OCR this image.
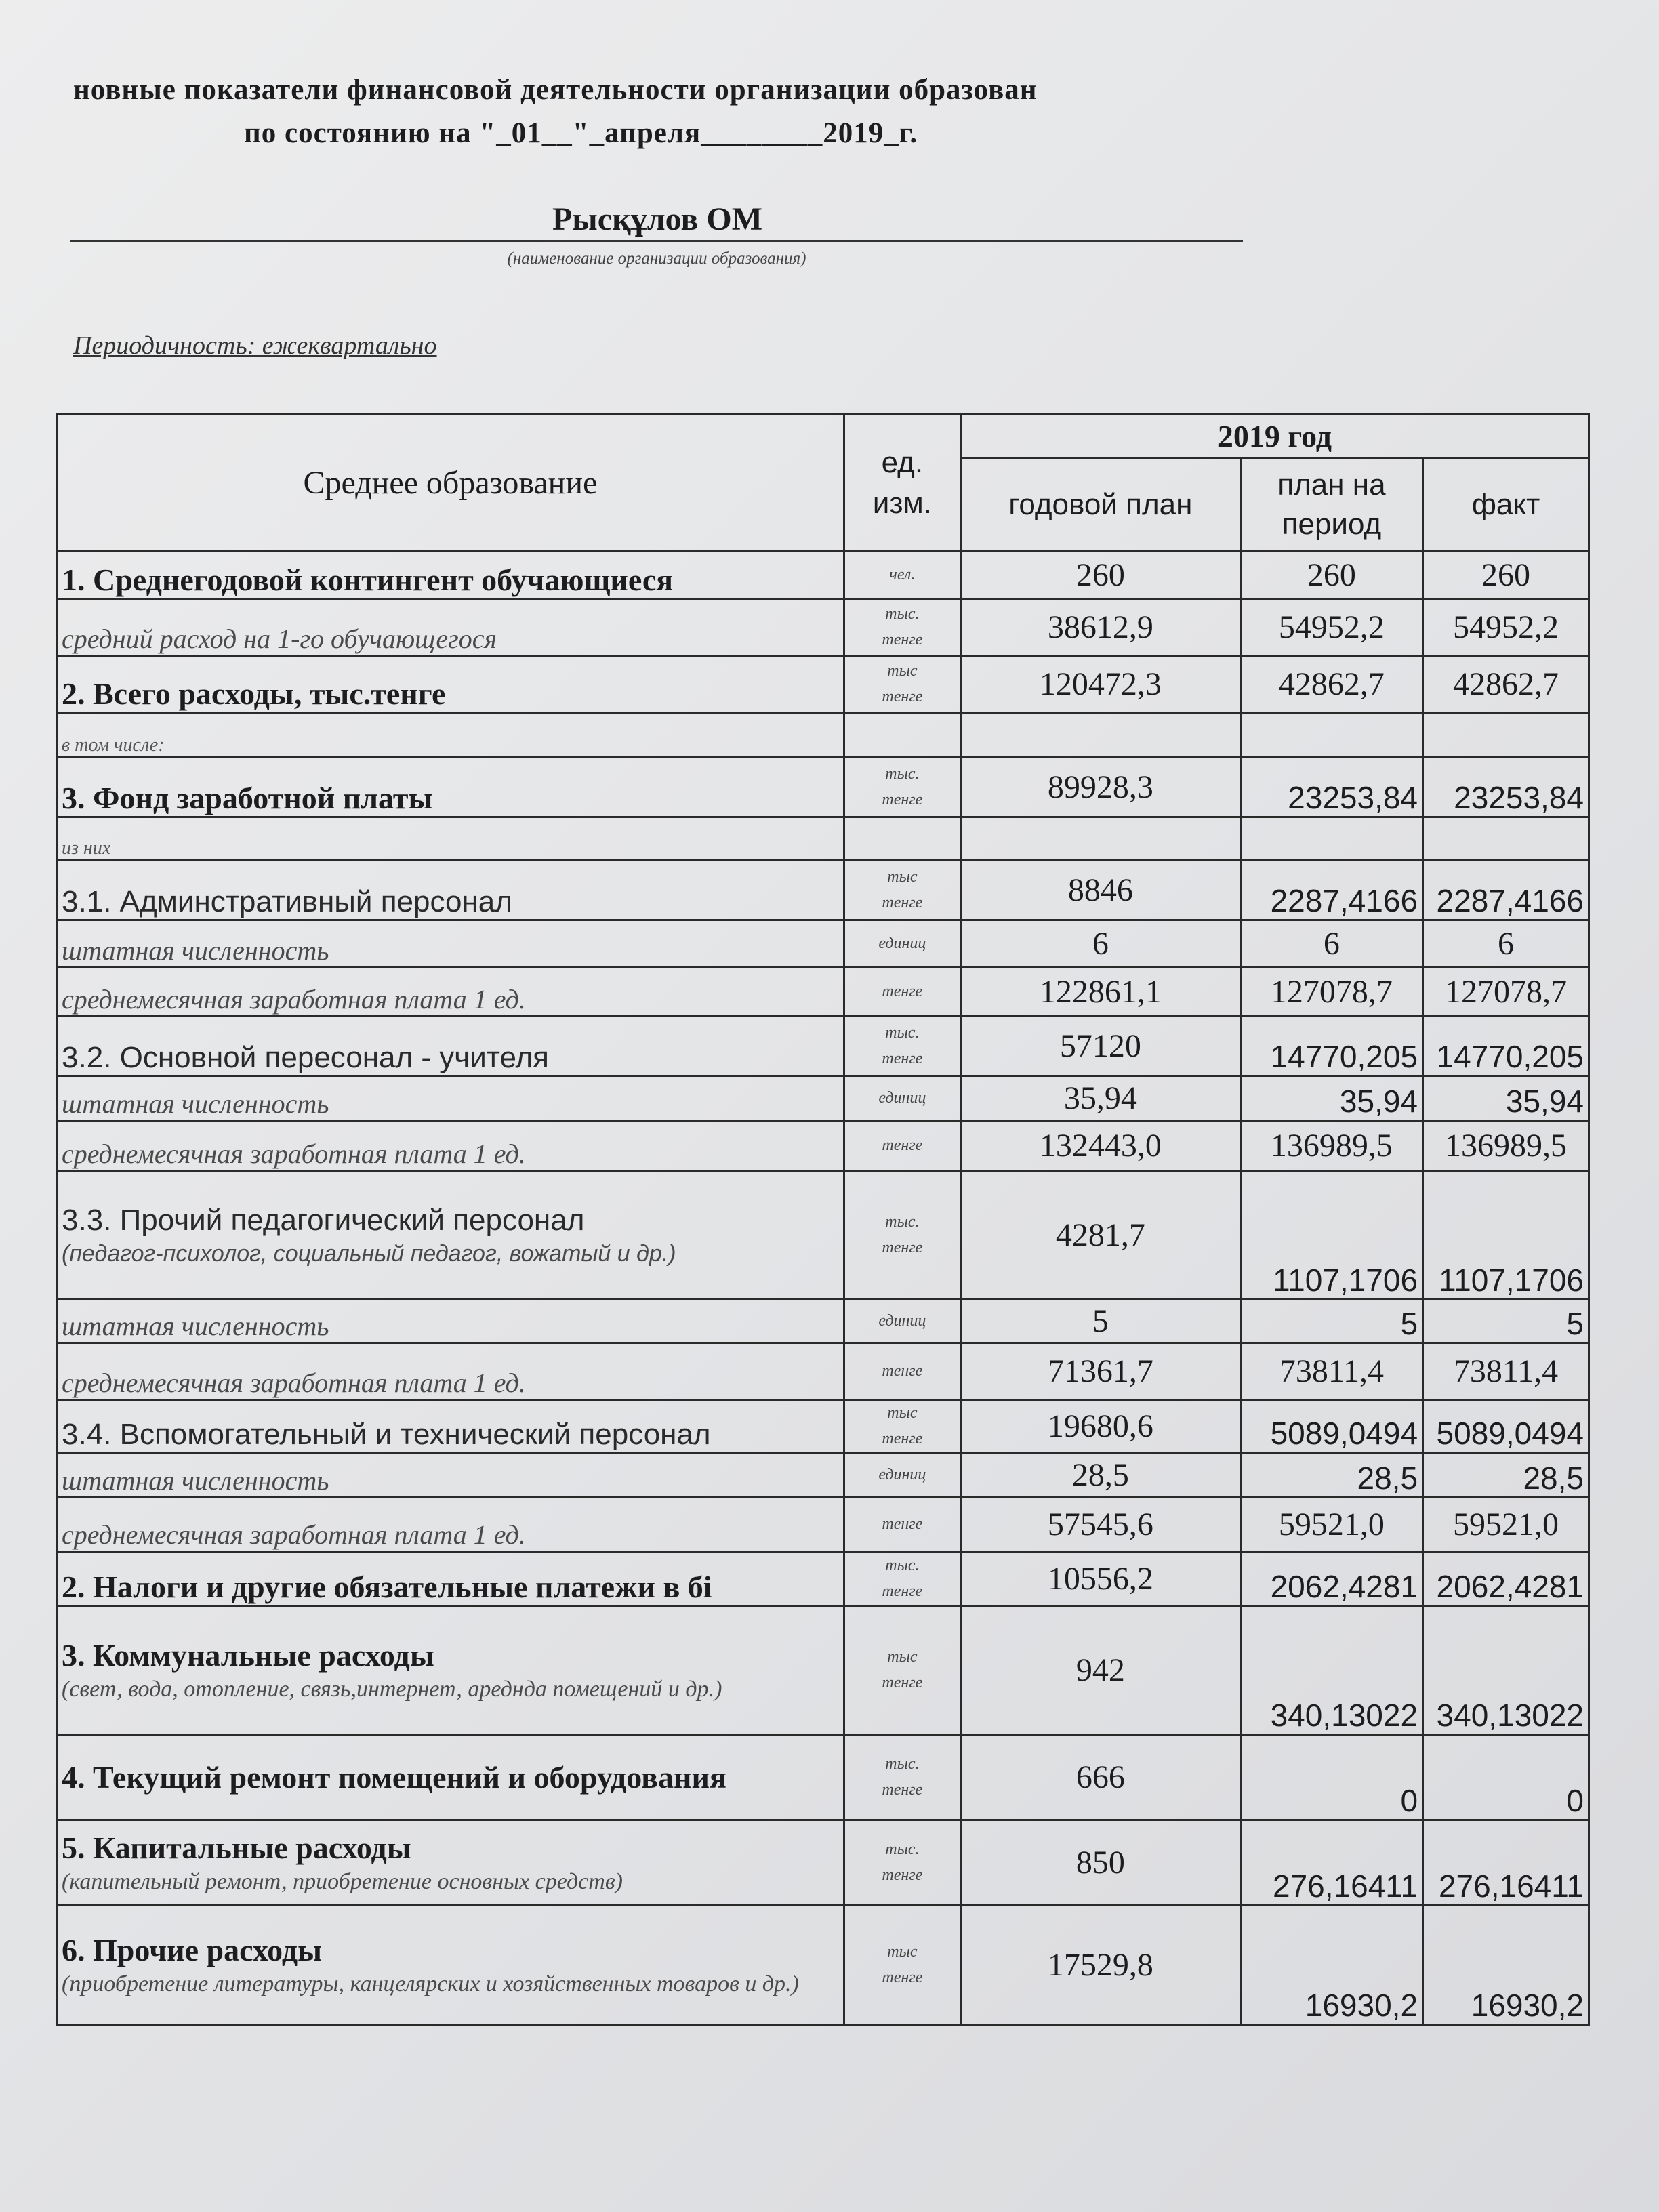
новные показатели финансовой деятельности организации образован
по состоянию на "_01__"_апреля________2019_г.
Рысқұлов ОМ
(наименование организации образования)
Периодичность: ежеквартально
Среднее образование	ед. изм.	2019 год		
		годовой план	план на период	факт
1. Среднегодовой контингент обучающиеся	чел.	260	260	260
средний расход на 1-го обучающегося	тыс. тенге	38612,9	54952,2	54952,2
2. Всего расходы, тыс.тенге	тыс тенге	120472,3	42862,7	42862,7
в том числе:				
3. Фонд заработной платы	тыс. тенге	89928,3	23253,84	23253,84
из них				
3.1. Админстративный персонал	тыс тенге	8846	2287,4166	2287,4166
штатная численность	единиц	6	6	6
среднемесячная заработная плата 1 ед.	тенге	122861,1	127078,7	127078,7
3.2. Основной пересонал - учителя	тыс. тенге	57120	14770,205	14770,205
штатная численность	единиц	35,94	35,94	35,94
среднемесячная заработная плата 1 ед.	тенге	132443,0	136989,5	136989,5

3.3. Прочий педагогический персонал
(педагог-психолог, социальный педагог, вожатый и др.)	тыс. тенге	4281,7	1107,1706	1107,1706
штатная численность	единиц	5	5	5
среднемесячная заработная плата 1 ед.	тенге	71361,7	73811,4	73811,4
3.4. Вспомогательный и технический персонал	тыс тенге	19680,6	5089,0494	5089,0494
штатная численность	единиц	28,5	28,5	28,5
среднемесячная заработная плата 1 ед.	тенге	57545,6	59521,0	59521,0
2. Налоги и другие обязательные платежи в бі	тыс. тенге	10556,2	2062,4281	2062,4281
3. Коммунальные расходы
(свет, вода, отопление, связь,интернет, аредндa помещений и др.)	тыс тенге	942	340,13022	340,13022
4. Текущий ремонт помещений и оборудования	тыс. тенге	666	0	0
5. Капитальные расходы
(капительный ремонт, приобретение основных средств)	тыс. тенге	850	276,16411	276,16411
6. Прочие расходы
(приобретение литературы, канцелярских и хозяйственных товаров и др.)	тыс тенге	17529,8	16930,2	16930,2
